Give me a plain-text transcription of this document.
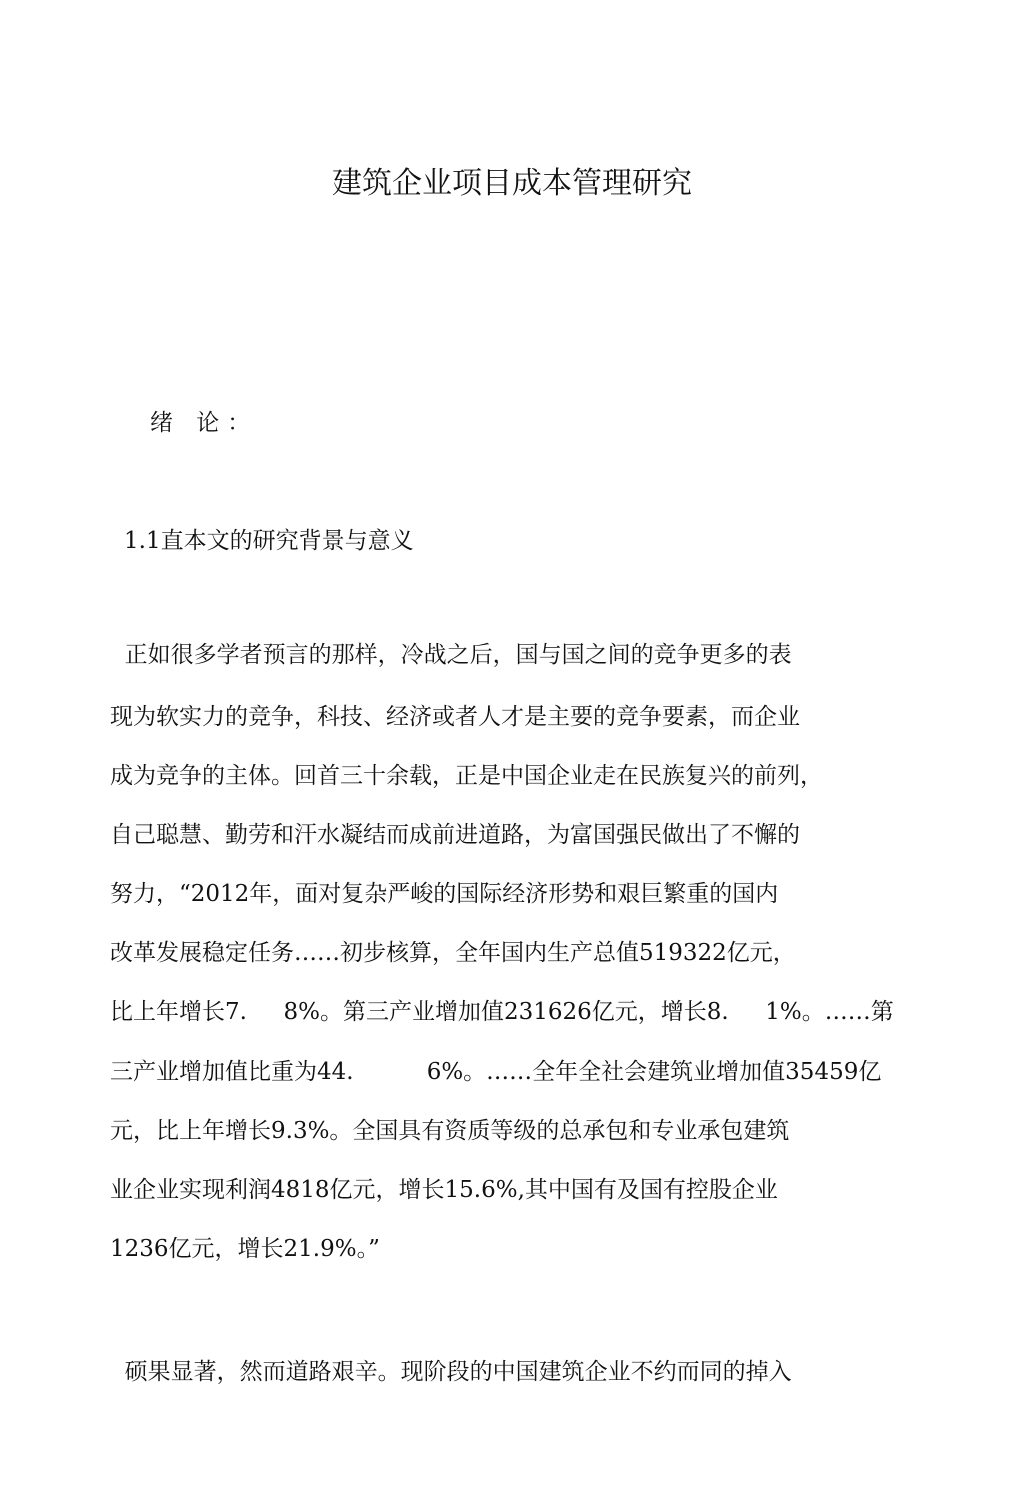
建筑企业项目成本管理研究
绪 论：
1.1直本文的研究背景与意义
正如很多学者预言的那样，冷战之后，国与国之间的竞争更多的表
现为软实力的竞争，科技、经济或者人才是主要的竞争要素，而企业
成为竞争的主体。回首三十余载，正是中国企业走在民族复兴的前列，
自己聪慧、勤劳和汗水凝结而成前进道路，为富国强民做出了不懈的
努力，“2012年，面对复杂严峻的国际经济形势和艰巨繁重的国内
改革发展稳定任务……初步核算，全年国内生产总值519322亿元，
比上年增长7.     8%。第三产业增加值231626亿元，增长8.     1%。……第
三产业增加值比重为44.          6%。……全年全社会建筑业增加值35459亿
元，比上年增长9.3%。全国具有资质等级的总承包和专业承包建筑
业企业实现利润4818亿元，增长15.6%,其中国有及国有控股企业
1236亿元，增长21.9%。”
硕果显著，然而道路艰辛。现阶段的中国建筑企业不约而同的掉入
